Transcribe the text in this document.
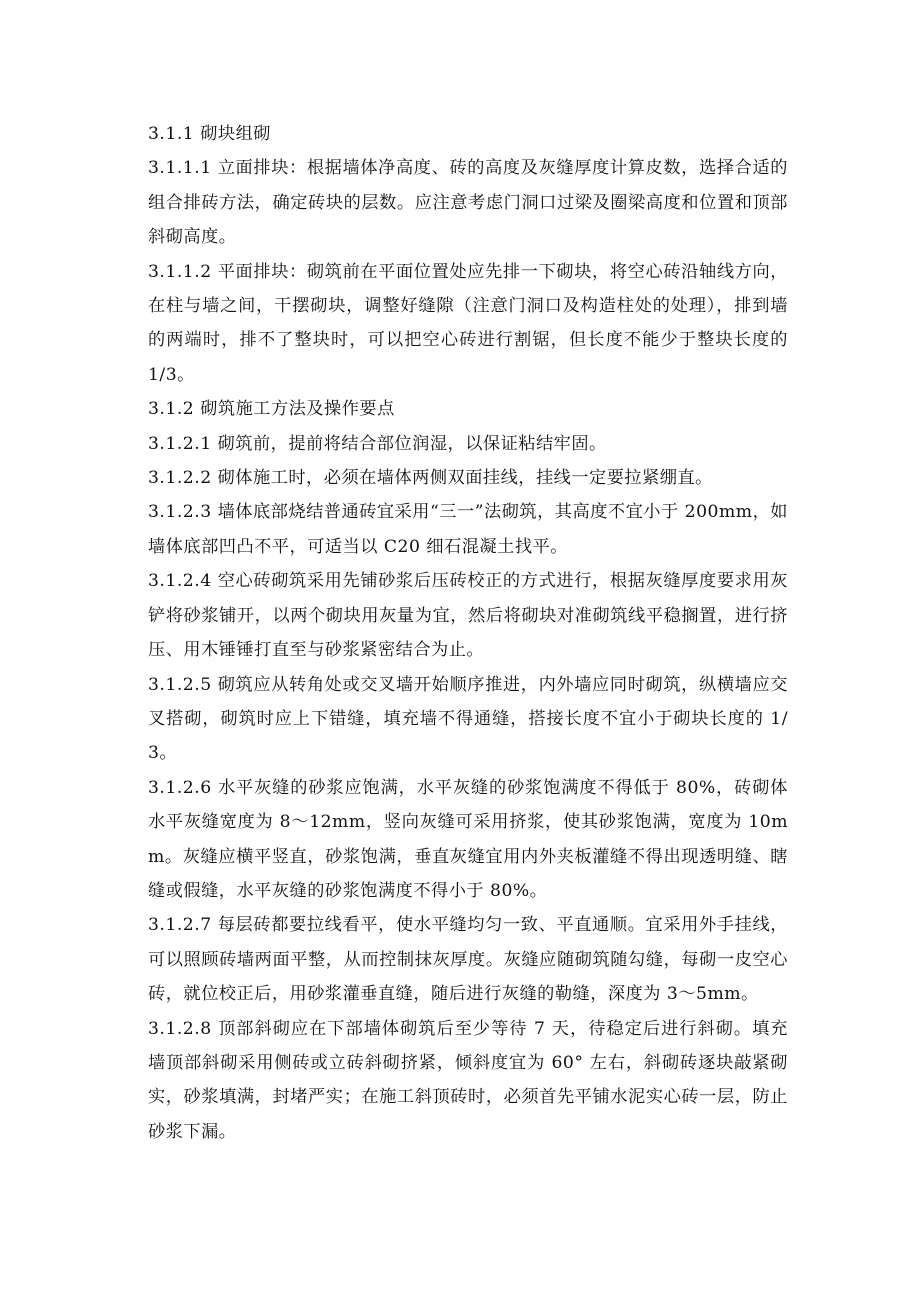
3.1.1 砌块组砌

3.1.1.1 立面排块：根据墙体净高度、砖的高度及灰缝厚度计算皮数，选择合适的组合排砖方法，确定砖块的层数。应注意考虑门洞口过梁及圈梁高度和位置和顶部斜砌高度。

3.1.1.2 平面排块：砌筑前在平面位置处应先排一下砌块，将空心砖沿轴线方向，在柱与墙之间，干摆砌块，调整好缝隙（注意门洞口及构造柱处的处理），排到墙的两端时，排不了整块时，可以把空心砖进行割锯，但长度不能少于整块长度的 1/3。

3.1.2 砌筑施工方法及操作要点

3.1.2.1 砌筑前，提前将结合部位润湿，以保证粘结牢固。

3.1.2.2 砌体施工时，必须在墙体两侧双面挂线，挂线一定要拉紧绷直。

3.1.2.3 墙体底部烧结普通砖宜采用“三一”法砌筑，其高度不宜小于 200mm，如墙体底部凹凸不平，可适当以 C20 细石混凝土找平。

3.1.2.4 空心砖砌筑采用先铺砂浆后压砖校正的方式进行，根据灰缝厚度要求用灰铲将砂浆铺开，以两个砌块用灰量为宜，然后将砌块对准砌筑线平稳搁置，进行挤压、用木锤锤打直至与砂浆紧密结合为止。

3.1.2.5 砌筑应从转角处或交叉墙开始顺序推进，内外墙应同时砌筑，纵横墙应交叉搭砌，砌筑时应上下错缝，填充墙不得通缝，搭接长度不宜小于砌块长度的 1/3。

3.1.2.6 水平灰缝的砂浆应饱满，水平灰缝的砂浆饱满度不得低于 80%，砖砌体水平灰缝宽度为 8～12mm，竖向灰缝可采用挤浆，使其砂浆饱满，宽度为 10mm。灰缝应横平竖直，砂浆饱满，垂直灰缝宜用内外夹板灌缝不得出现透明缝、瞎缝或假缝，水平灰缝的砂浆饱满度不得小于 80%。

3.1.2.7 每层砖都要拉线看平，使水平缝均匀一致、平直通顺。宜采用外手挂线，可以照顾砖墙两面平整，从而控制抹灰厚度。灰缝应随砌筑随勾缝，每砌一皮空心砖，就位校正后，用砂浆灌垂直缝，随后进行灰缝的勒缝，深度为 3～5mm。

3.1.2.8 顶部斜砌应在下部墙体砌筑后至少等待 7 天，待稳定后进行斜砌。填充墙顶部斜砌采用侧砖或立砖斜砌挤紧，倾斜度宜为 60° 左右，斜砌砖逐块敲紧砌实，砂浆填满，封堵严实；在施工斜顶砖时，必须首先平铺水泥实心砖一层，防止砂浆下漏。
